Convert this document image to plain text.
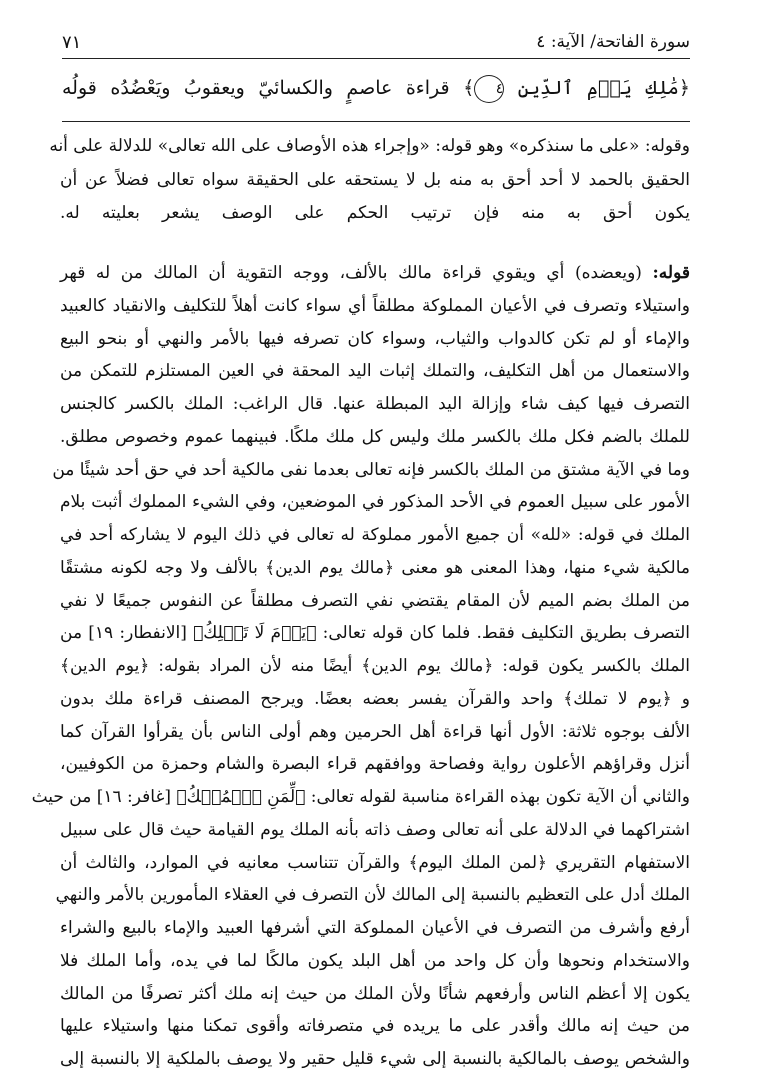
سورة الفاتحة/ الآية: ٤
٧١
﴿مَٰلِكِ يَوۡمِ ٱلدِّينِ ٤﴾ قراءة عاصمٍ والكسائيّ ويعقوبُ ويَعْضُدُه قولُه
وقوله: «على ما سنذكره» وهو قوله: «وإجراء هذه الأوصاف على الله تعالى» للدلالة على أنه
الحقيق بالحمد لا أحد أحق به منه بل لا يستحقه على الحقيقة سواه تعالى فضلاً عن أن
يكون أحق به منه فإن ترتيب الحكم على الوصف يشعر بعليته له.
قوله: (ويعضده) أي ويقوي قراءة مالك بالألف، ووجه التقوية أن المالك من له قهر
واستيلاء وتصرف في الأعيان المملوكة مطلقاً أي سواء كانت أهلاً للتكليف والانقياد كالعبيد
والإماء أو لم تكن كالدواب والثياب، وسواء كان تصرفه فيها بالأمر والنهي أو بنحو البيع
والاستعمال من أهل التكليف، والتملك إثبات اليد المحقة في العين المستلزم للتمكن من
التصرف فيها كيف شاء وإزالة اليد المبطلة عنها. قال الراغب: الملك بالكسر كالجنس
للملك بالضم فكل ملك بالكسر ملك وليس كل ملك ملكًا. فبينهما عموم وخصوص مطلق.
وما في الآية مشتق من الملك بالكسر فإنه تعالى بعدما نفى مالكية أحد في حق أحد شيئًا من
الأمور على سبيل العموم في الأحد المذكور في الموضعين، وفي الشيء المملوك أثبت بلام
الملك في قوله: «لله» أن جميع الأمور مملوكة له تعالى في ذلك اليوم لا يشاركه أحد في
مالكية شيء منها، وهذا المعنى هو معنى ﴿مالك يوم الدين﴾ بالألف ولا وجه لكونه مشتقًا
من الملك بضم الميم لأن المقام يقتضي نفي التصرف مطلقاً عن النفوس جميعًا لا نفي
التصرف بطريق التكليف فقط. فلما كان قوله تعالى: ﴿يَوۡمَ لَا تَمۡلِكُ﴾ [الانفطار: ١٩] من
الملك بالكسر يكون قوله: ﴿مالك يوم الدين﴾ أيضًا منه لأن المراد بقوله: ﴿يوم الدين﴾
و ﴿يوم لا تملك﴾ واحد والقرآن يفسر بعضه بعضًا. ويرجح المصنف قراءة ملك بدون
الألف بوجوه ثلاثة: الأول أنها قراءة أهل الحرمين وهم أولى الناس بأن يقرأوا القرآن كما
أنزل وقراؤهم الأعلون رواية وفصاحة ووافقهم قراء البصرة والشام وحمزة من الكوفيين،
والثاني أن الآية تكون بهذه القراءة مناسبة لقوله تعالى: ﴿لِّمَنِ ٱلۡمُلۡكُ﴾ [غافر: ١٦] من حيث
اشتراكهما في الدلالة على أنه تعالى وصف ذاته بأنه الملك يوم القيامة حيث قال على سبيل
الاستفهام التقريري ﴿لمن الملك اليوم﴾ والقرآن تتناسب معانيه في الموارد، والثالث أن
الملك أدل على التعظيم بالنسبة إلى المالك لأن التصرف في العقلاء المأمورين بالأمر والنهي
أرفع وأشرف من التصرف في الأعيان المملوكة التي أشرفها العبيد والإماء بالبيع والشراء
والاستخدام ونحوها وأن كل واحد من أهل البلد يكون مالكًا لما في يده، وأما الملك فلا
يكون إلا أعظم الناس وأرفعهم شأنًا ولأن الملك من حيث إنه ملك أكثر تصرفًا من المالك
من حيث إنه مالك وأقدر على ما يريده في متصرفاته وأقوى تمكنا منها واستيلاء عليها
والشخص يوصف بالمالكية بالنسبة إلى شيء قليل حقير ولا يوصف بالملكية إلا بالنسبة إلى
